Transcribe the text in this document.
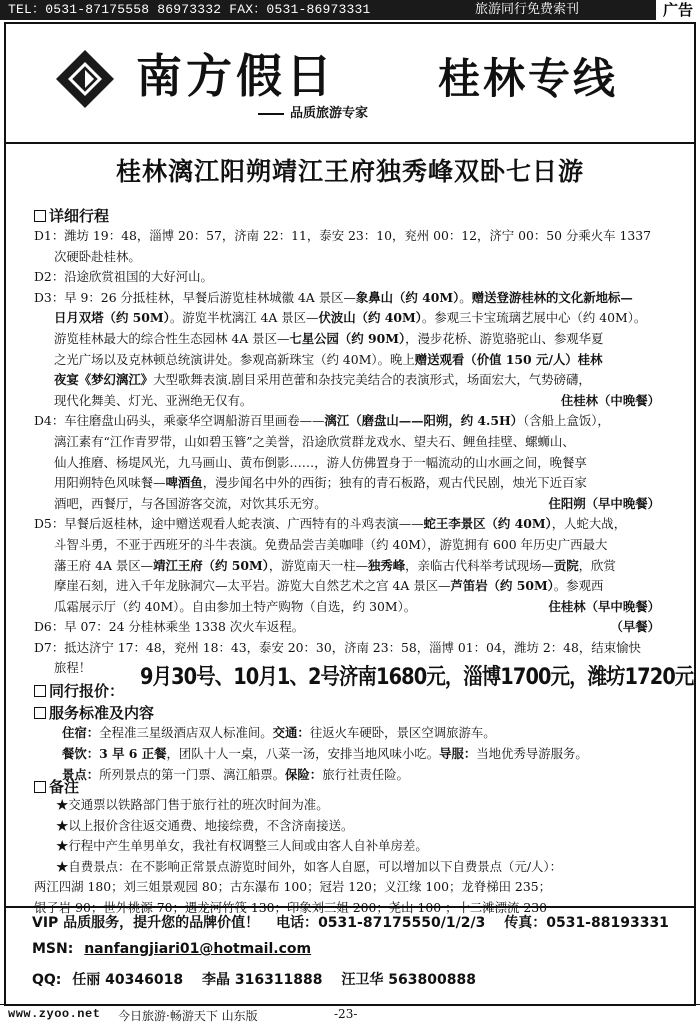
TEL：0531-87175558 86973332 FAX：0531-86973331	旅游同行免费索刊	广告
南方假日
品质旅游专家
桂林专线
桂林漓江阳朔靖江王府独秀峰双卧七日游
详细行程
D1：潍坊 19：48，淄博 20：57，济南 22：11，泰安 23：10，兖州 00：12，济宁 00：50 分乘火车 1337
次硬卧赴桂林。
D2：沿途欣赏祖国的大好河山。
D3：早 9：26 分抵桂林，早餐后游览桂林城徽 4A 景区—象鼻山（约 40M）。赠送登游桂林的文化新地标—
日月双塔（约 50M）。游览半枕漓江 4A 景区—伏波山（约 40M）。参观三卡宝琉璃艺展中心（约 40M）。
游览桂林最大的综合性生态园林 4A 景区—七星公园（约 90M），漫步花桥、游览骆驼山、参观华夏
之光广场以及克林顿总统演讲处。参观高新珠宝（约 40M）。晚上赠送观看（价值 150 元/人）桂林
夜宴《梦幻漓江》大型歌舞表演.剧目采用芭蕾和杂技完美结合的表演形式，场面宏大，气势磅礴，
现代化舞美、灯光、亚洲绝无仅有。	住桂林（中晚餐）
D4：车往磨盘山码头，乘豪华空调船游百里画卷——漓江（磨盘山——阳朔，约 4.5H）（含船上盒饭），
漓江素有“江作青罗带，山如碧玉簪”之美誉，沿途欣赏群龙戏水、望夫石、鲤鱼挂壁、螺蛳山、
仙人推磨、杨堤风光，九马画山、黄布倒影……，游人仿佛置身于一幅流动的山水画之间，晚餐享
用阳朔特色风味餐—啤酒鱼，漫步闻名中外的西街；独有的青石板路，观古代民剧，烛光下近百家
酒吧，西餐厅，与各国游客交流，对饮其乐无穷。	住阳朔（早中晚餐）
D5：早餐后返桂林，途中赠送观看人蛇表演、广西特有的斗鸡表演——蛇王李景区（约 40M），人蛇大战，
斗智斗勇，不亚于西班牙的斗牛表演。免费品尝吉美咖啡（约 40M），游览拥有 600 年历史广西最大
藩王府 4A 景区—靖江王府（约 50M），游览南天一柱—独秀峰，亲临古代科举考试现场—贡院，欣赏
摩崖石刻，进入千年龙脉洞穴—太平岩。游览大自然艺术之宫 4A 景区—芦笛岩（约 50M）。参观西
瓜霜展示厅（约 40M）。自由参加土特产购物（自选，约 30M）。	住桂林（早中晚餐）
D6：早 07：24 分桂林乘坐 1338 次火车返程。	（早餐）
D7：抵达济宁 17：48，兖州 18：43，泰安 20：30，济南 23：58，淄博 01：04，潍坊 2：48，结束愉快
旅程！
同行报价：
9月30号、10月1、2号济南1680元，淄博1700元，潍坊1720元
服务标准及内容
住宿：全程准三星级酒店双人标准间。交通：往返火车硬卧，景区空调旅游车。
餐饮：3 早 6 正餐，团队十人一桌，八菜一汤，安排当地风味小吃。导服：当地优秀导游服务。
景点：所列景点的第一门票、漓江船票。保险：旅行社责任险。
备注
★交通票以铁路部门售于旅行社的班次时间为准。
★以上报价含往返交通费、地接综费，不含济南接送。
★行程中产生单男单女，我社有权调整三人间或由客人自补单房差。
★自费景点：在不影响正常景点游览时间外，如客人自愿，可以增加以下自费景点（元/人）：
两江四湖 180；刘三姐景观园 80；古东瀑布 100；冠岩 120；义江缘 100；龙脊梯田 235；
VIP 品质服务，提升您的品牌价值！ 电话：0531-87175550/1/2/3 传真：0531-88193331
MSN: nanfangjiari01@hotmail.com
QQ: 任丽 40346018 李晶 316311888 汪卫华 563800888
www.zyoo.net 今日旅游·畅游天下 山东版	-23-
